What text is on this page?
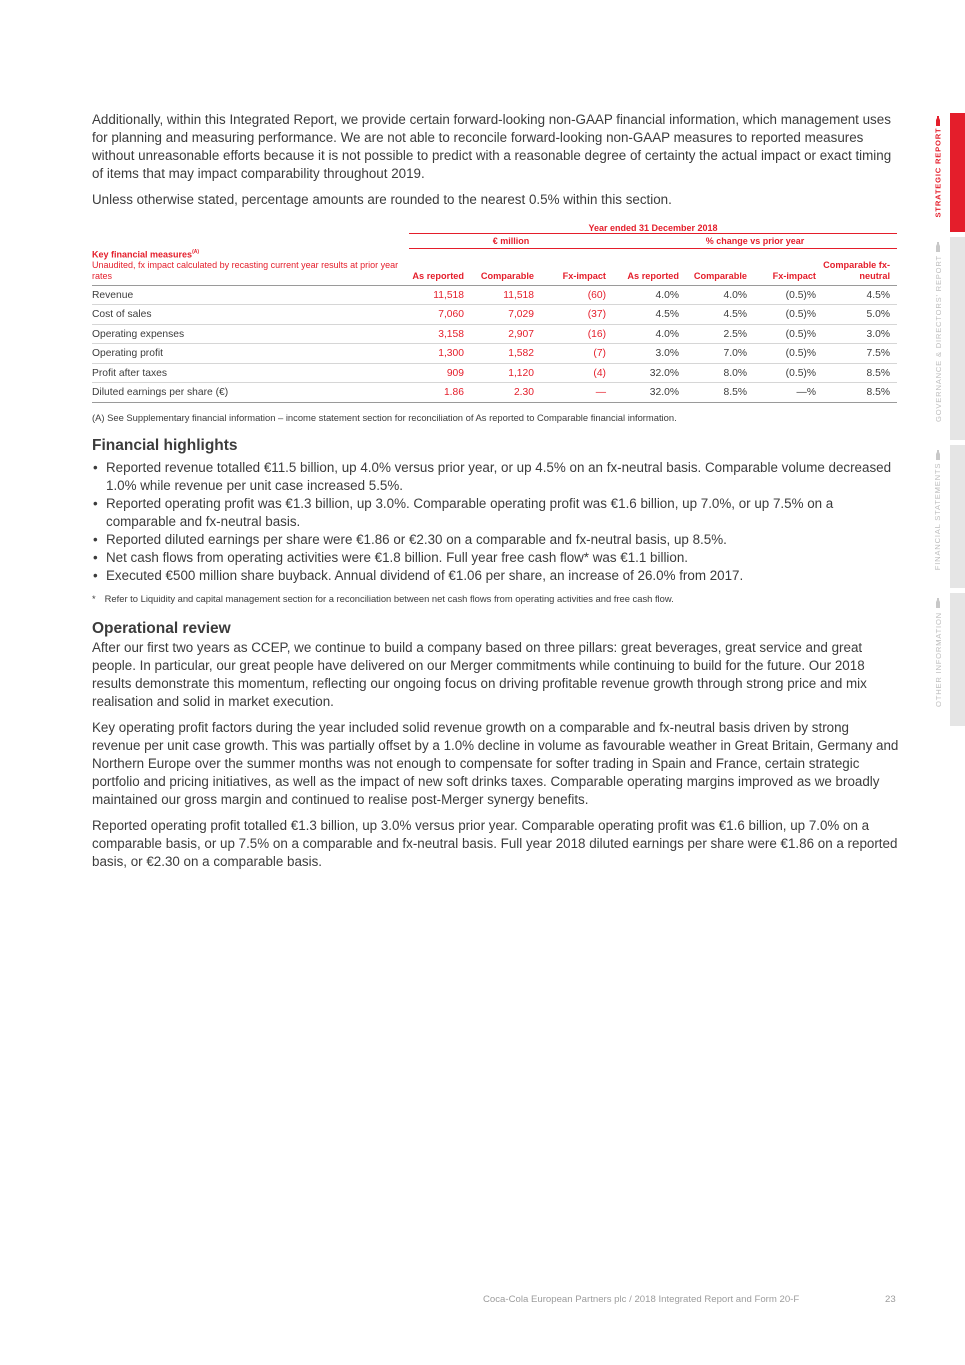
Additionally, within this Integrated Report, we provide certain forward-looking non-GAAP financial information, which management uses for planning and measuring performance. We are not able to reconcile forward-looking non-GAAP measures to reported measures without unreasonable efforts because it is not possible to predict with a reasonable degree of certainty the actual impact or exact timing of items that may impact comparability throughout 2019.

Unless otherwise stated, percentage amounts are rounded to the nearest 0.5% within this section.

	Year ended 31 December 2018						
	€ million			% change vs prior year			

Key financial measures$^{(A)}$
Unaudited, fx impact calculated by recasting current year results at prior year rates	As reported	Comparable	Fx-impact	As reported	Comparable	Fx-impact	Comparable fx-neutral
Revenue	11,518	11,518	(60)	4.0%	4.0%	(0.5)%	4.5%
Cost of sales	7,060	7,029	(37)	4.5%	4.5%	(0.5)%	5.0%
Operating expenses	3,158	2,907	(16)	4.0%	2.5%	(0.5)%	3.0%
Operating profit	1,300	1,582	(7)	3.0%	7.0%	(0.5)%	7.5%
Profit after taxes	909	1,120	(4)	32.0%	8.0%	(0.5)%	8.5%
Diluted earnings per share (€)	1.86	2.30	—	32.0%	8.5%	—%	8.5%

(A) See Supplementary financial information – income statement section for reconciliation of As reported to Comparable financial information.

Financial highlights
• Reported revenue totalled €11.5 billion, up 4.0% versus prior year, or up 4.5% on an fx-neutral basis. Comparable volume decreased 1.0% while revenue per unit case increased 5.5%.
• Reported operating profit was €1.3 billion, up 3.0%. Comparable operating profit was €1.6 billion, up 7.0%, or up 7.5% on a comparable and fx-neutral basis.
• Reported diluted earnings per share were €1.86 or €2.30 on a comparable and fx-neutral basis, up 8.5%.
• Net cash flows from operating activities were €1.8 billion. Full year free cash flow* was €1.1 billion.
• Executed €500 million share buyback. Annual dividend of €1.06 per share, an increase of 26.0% from 2017.

* Refer to Liquidity and capital management section for a reconciliation between net cash flows from operating activities and free cash flow.

Operational review

After our first two years as CCEP, we continue to build a company based on three pillars: great beverages, great service and great people. In particular, our great people have delivered on our Merger commitments while continuing to build for the future. Our 2018 results demonstrate this momentum, reflecting our ongoing focus on driving profitable revenue growth through strong price and mix realisation and solid in market execution.

Key operating profit factors during the year included solid revenue growth on a comparable and fx-neutral basis driven by strong revenue per unit case growth. This was partially offset by a 1.0% decline in volume as favourable weather in Great Britain, Germany and Northern Europe over the summer months was not enough to compensate for softer trading in Spain and France, certain strategic portfolio and pricing initiatives, as well as the impact of new soft drinks taxes. Comparable operating margins improved as we broadly maintained our gross margin and continued to realise post-Merger synergy benefits.

Reported operating profit totalled €1.3 billion, up 3.0% versus prior year. Comparable operating profit was €1.6 billion, up 7.0% on a comparable basis, or up 7.5% on a comparable and fx-neutral basis. Full year 2018 diluted earnings per share were €1.86 on a reported basis, or €2.30 on a comparable basis.

STRATEGIC REPORT
GOVERNANCE & DIRECTORS' REPORT
FINANCIAL STATEMENTS
OTHER INFORMATION
Coca-Cola European Partners plc / 2018 Integrated Report and Form 20-F	23
